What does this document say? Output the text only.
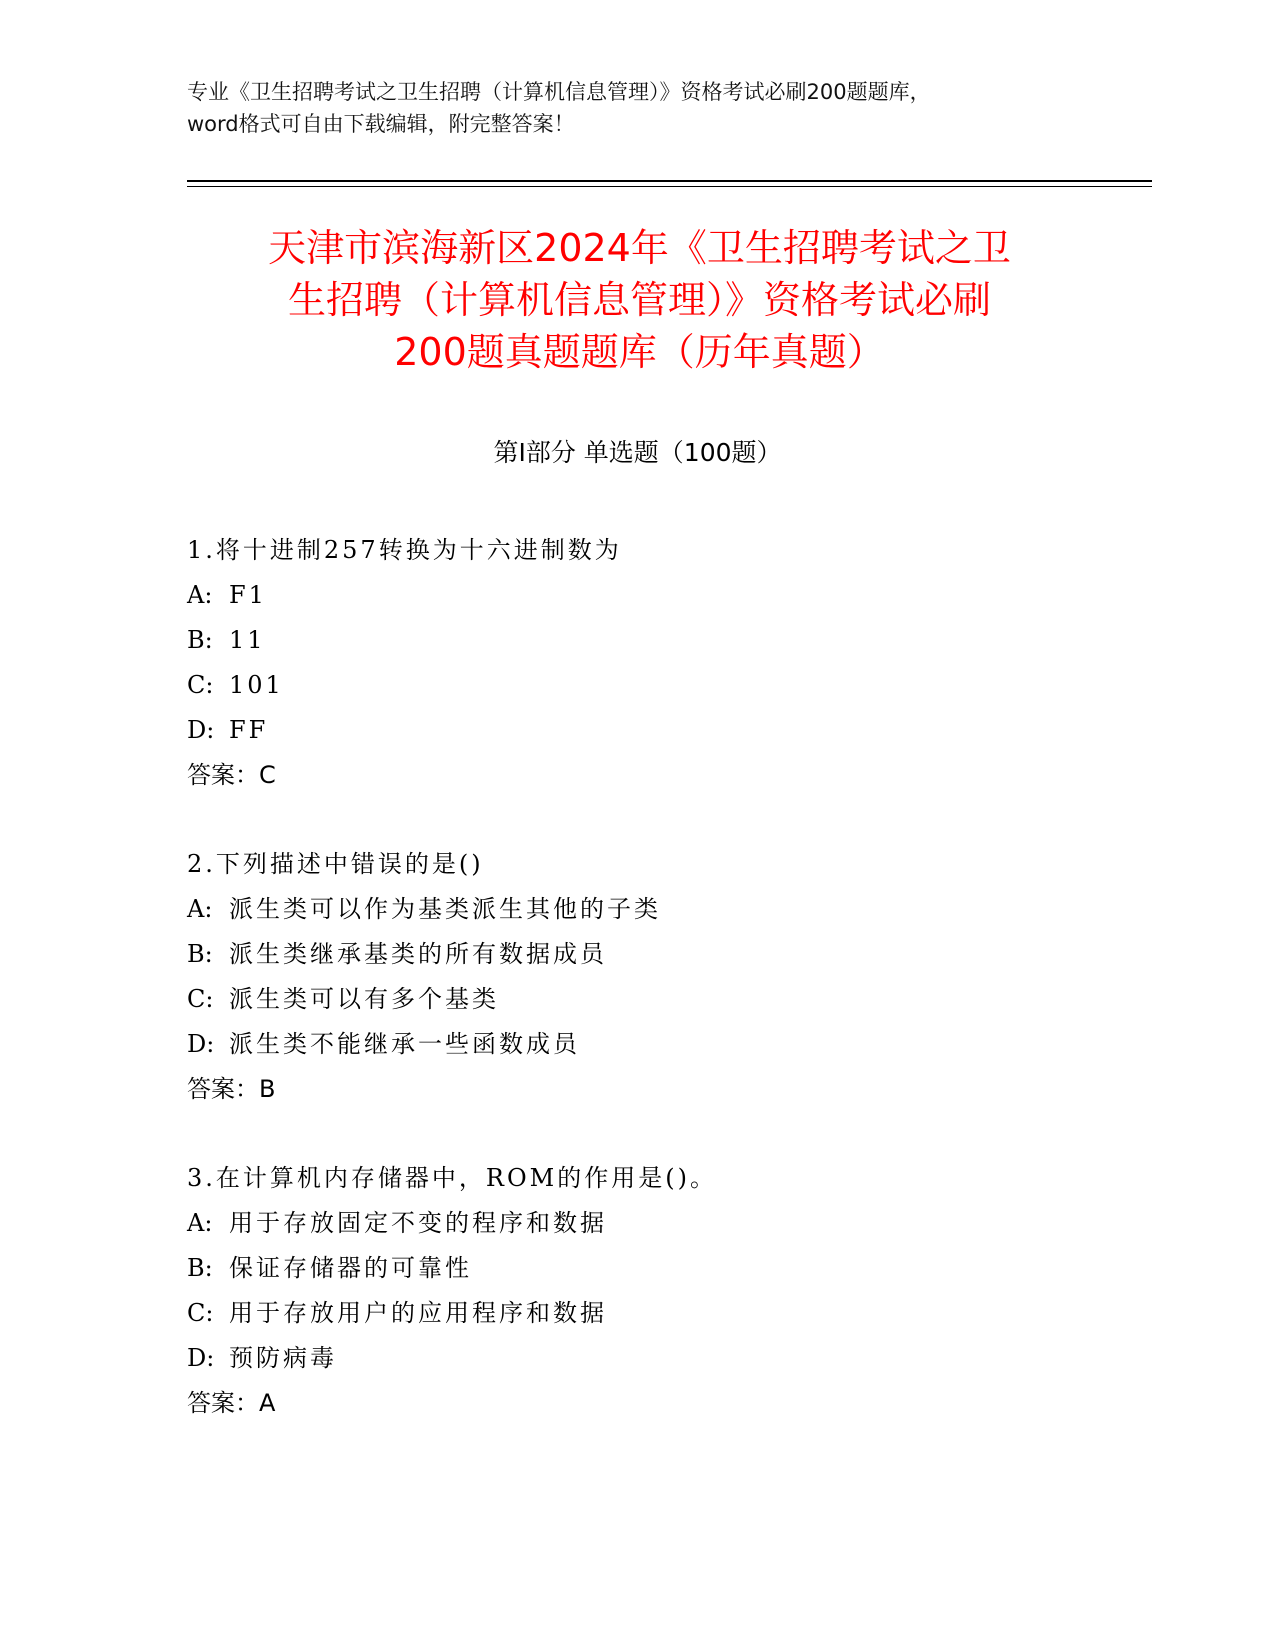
专业《卫生招聘考试之卫生招聘（计算机信息管理）》资格考试必刷200题题库，
word格式可自由下载编辑，附完整答案！
天津市滨海新区2024年《卫生招聘考试之卫
生招聘（计算机信息管理）》资格考试必刷
200题真题题库（历年真题）
第Ⅰ部分 单选题（100题）
1.将十进制257转换为十六进制数为
A: F1
B: 11
C: 101
D: FF
答案：C
2.下列描述中错误的是()
A: 派生类可以作为基类派生其他的子类
B: 派生类继承基类的所有数据成员
C: 派生类可以有多个基类
D: 派生类不能继承一些函数成员
答案：B
3.在计算机内存储器中，ROM的作用是()。
A: 用于存放固定不变的程序和数据
B: 保证存储器的可靠性
C: 用于存放用户的应用程序和数据
D: 预防病毒
答案：A
